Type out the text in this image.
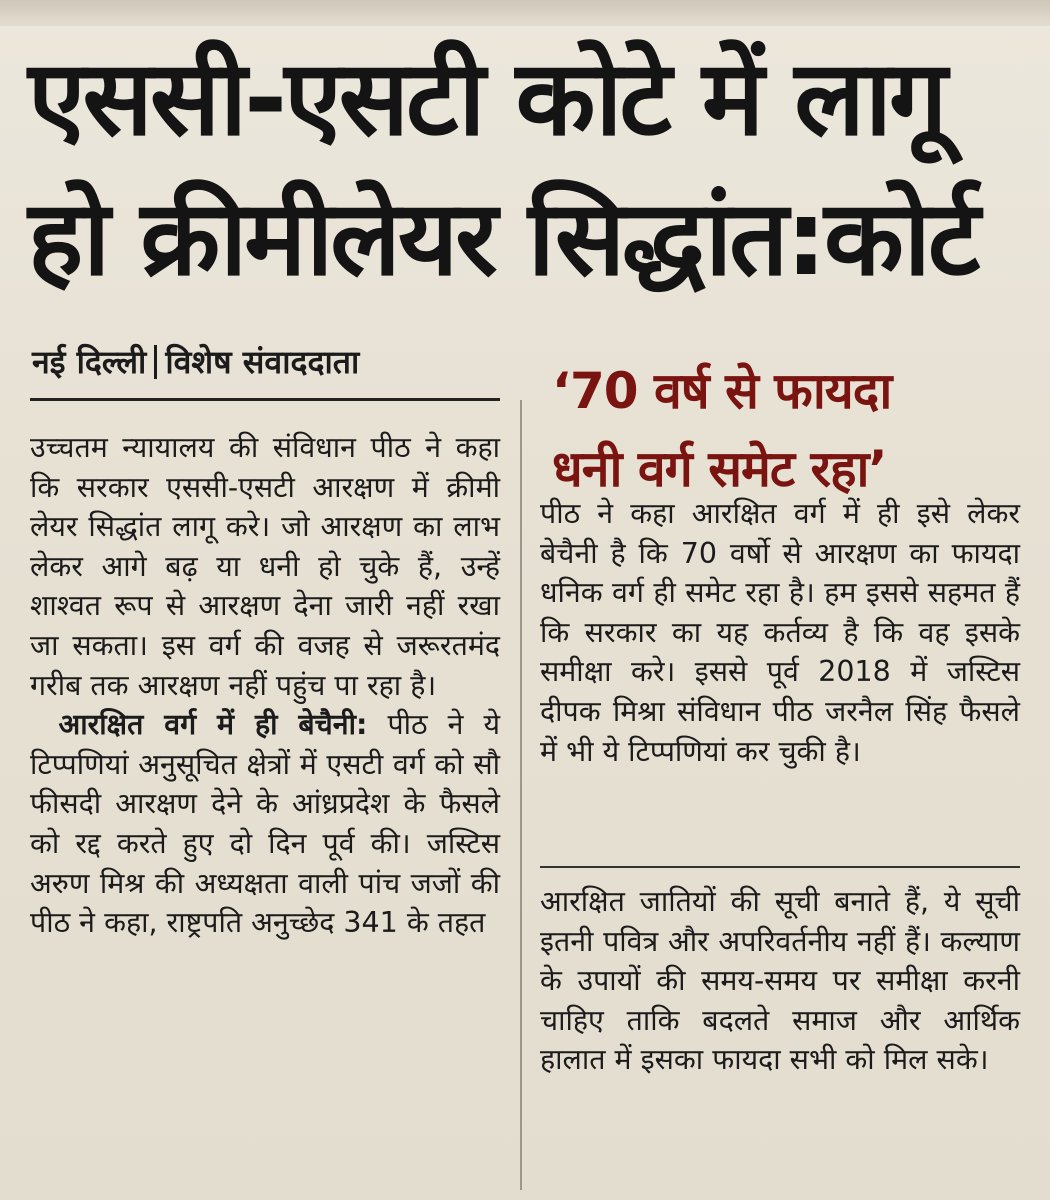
एससी-एसटी कोटे में लागू
हो क्रीमीलेयर सिद्धांत:कोर्ट
नई दिल्ली विशेष संवाददाता

उच्चतम न्यायालय की संविधान पीठ ने कहा कि सरकार एससी-एसटी आरक्षण में क्रीमी लेयर सिद्धांत लागू करे। जो आरक्षण का लाभ लेकर आगे बढ़ या धनी हो चुके हैं, उन्हें शाश्वत रूप से आरक्षण देना जारी नहीं रखा जा सकता। इस वर्ग की वजह से जरूरतमंद गरीब तक आरक्षण नहीं पहुंच पा रहा है।

 आरक्षित वर्ग में ही बेचैनी: पीठ ने ये टिप्पणियां अनुसूचित क्षेत्रों में एसटी वर्ग को सौ फीसदी आरक्षण देने के आंध्रप्रदेश के फैसले को रद्द करते हुए दो दिन पूर्व की। जस्टिस अरुण मिश्र की अध्यक्षता वाली पांच जजों की पीठ ने कहा, राष्ट्रपति अनुच्छेद 341 के तहत

‘70 वर्ष से फायदा
धनी वर्ग समेट रहा’

पीठ ने कहा आरक्षित वर्ग में ही इसे लेकर बेचैनी है कि 70 वर्षो से आरक्षण का फायदा धनिक वर्ग ही समेट रहा है। हम इससे सहमत हैं कि सरकार का यह कर्तव्य है कि वह इसके समीक्षा करे। इससे पूर्व 2018 में जस्टिस दीपक मिश्रा संविधान पीठ जरनैल सिंह फैसले में भी ये टिप्पणियां कर चुकी है।

आरक्षित जातियों की सूची बनाते हैं, ये सूची इतनी पवित्र और अपरिवर्तनीय नहीं हैं। कल्याण के उपायों की समय-समय पर समीक्षा करनी चाहिए ताकि बदलते समाज और आर्थिक हालात में इसका फायदा सभी को मिल सके।
